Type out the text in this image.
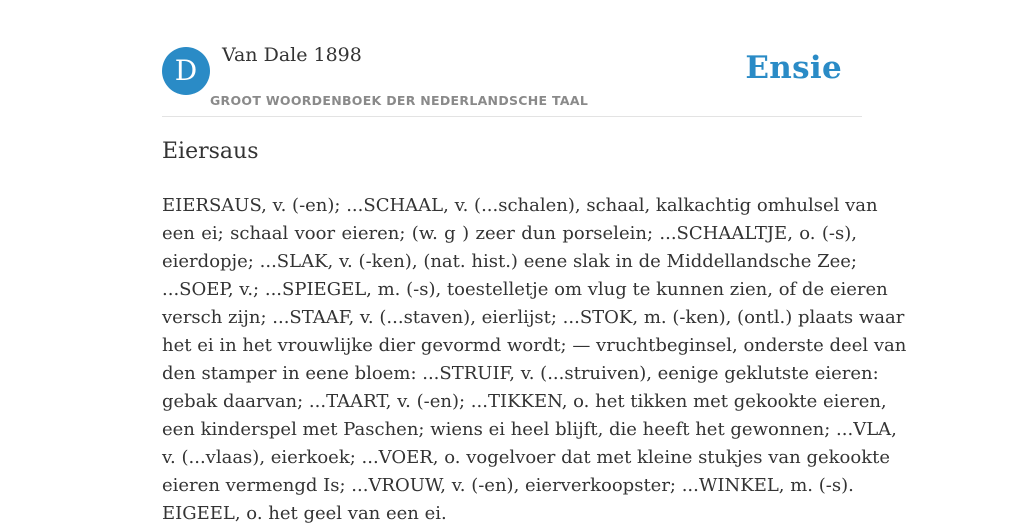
D	Van Dale 1898
GROOT WOORDENBOEK DER NEDERLANDSCHE TAAL
Ensie
Eiersaus

EIERSAUS, v. (-en); ...SCHAAL, v. (...schalen), schaal, kalkachtig omhulsel van
een ei; schaal voor eieren; (w. g ) zeer dun porselein; ...SCHAALTJE, o. (-s),
eierdopje; ...SLAK, v. (-ken), (nat. hist.) eene slak in de Middellandsche Zee;
...SOEP, v.; ...SPIEGEL, m. (-s), toestelletje om vlug te kunnen zien, of de eieren
versch zijn; ...STAAF, v. (...staven), eierlijst; ...STOK, m. (-ken), (ontl.) plaats waar
het ei in het vrouwlijke dier gevormd wordt; — vruchtbeginsel, onderste deel van
den stamper in eene bloem: ...STRUIF, v. (...struiven), eenige geklutste eieren:
gebak daarvan; ...TAART, v. (-en); ...TIKKEN, o. het tikken met gekookte eieren,
een kinderspel met Paschen; wiens ei heel blijft, die heeft het gewonnen; ...VLA,
v. (...vlaas), eierkoek; ...VOER, o. vogelvoer dat met kleine stukjes van gekookte
eieren vermengd Is; ...VROUW, v. (-en), eierverkoopster; ...WINKEL, m. (-s).
EIGEEL, o. het geel van een ei.
